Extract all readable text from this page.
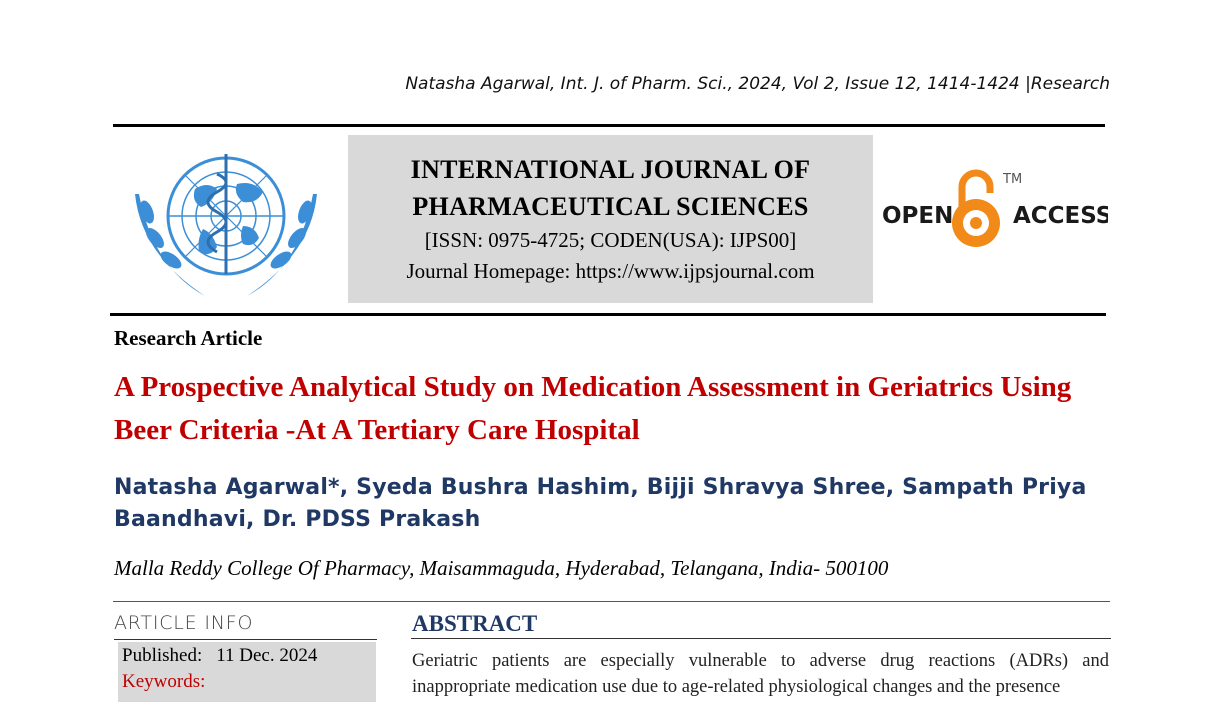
Natasha Agarwal, Int. J. of Pharm. Sci., 2024, Vol 2, Issue 12, 1414-1424 |Research
INTERNATIONAL JOURNAL OF
PHARMACEUTICAL SCIENCES
[ISSN: 0975-4725; CODEN(USA): IJPS00]
Journal Homepage: https://www.ijpsjournal.com
OPEN	ACCESS
TM
Research Article
A Prospective Analytical Study on Medication Assessment in Geriatrics Using Beer Criteria -At A Tertiary Care Hospital
Natasha Agarwal*, Syeda Bushra Hashim, Bijji Shravya Shree, Sampath Priya
Baandhavi, Dr. PDSS Prakash
Malla Reddy College Of Pharmacy, Maisammaguda, Hyderabad, Telangana, India- 500100
ARTICLE INFO
Published: 11 Dec. 2024
Keywords:
ABSTRACT
Geriatric patients are especially vulnerable to adverse drug reactions (ADRs) and inappropriate medication use due to age-related physiological changes and the presence
